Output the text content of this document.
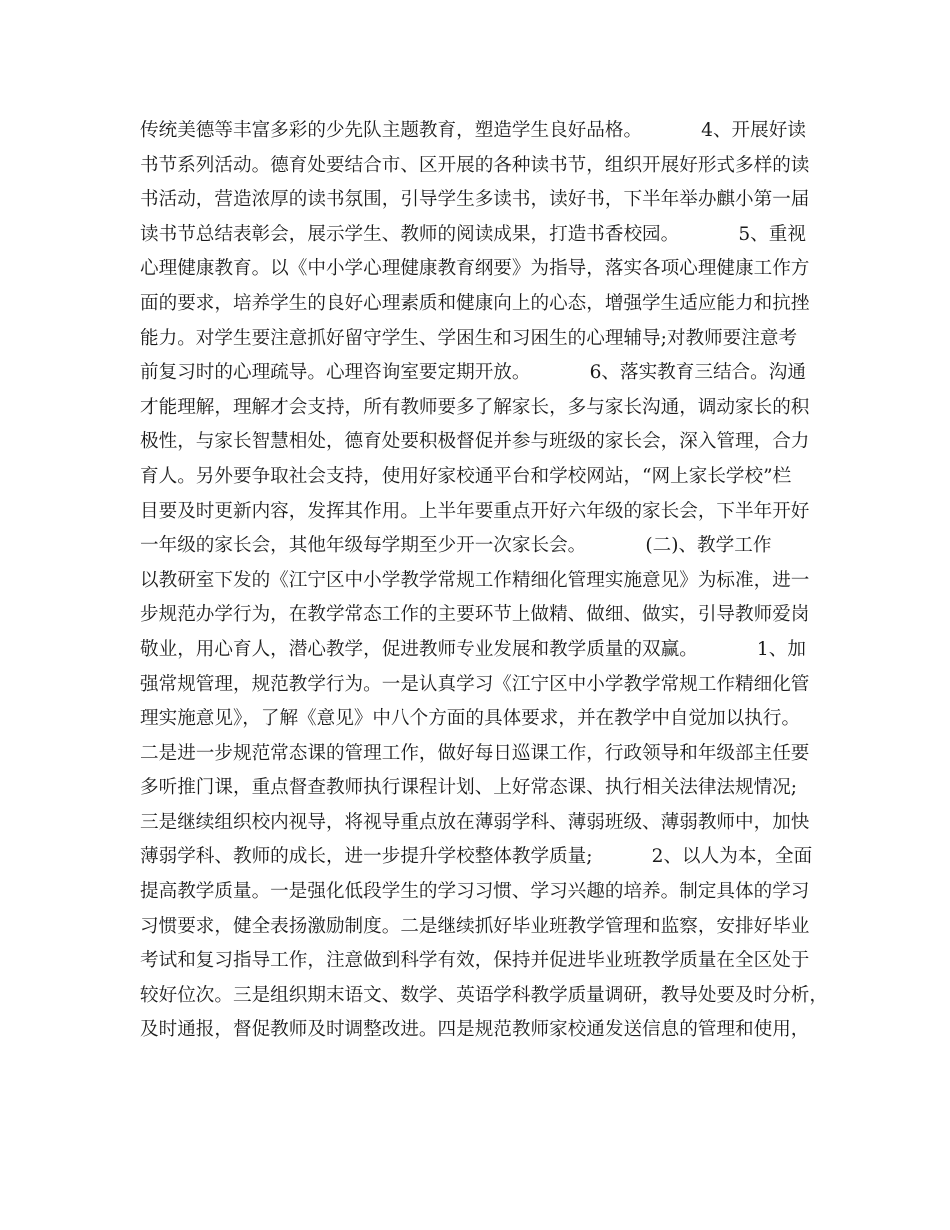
传统美德等丰富多彩的少先队主题教育，塑造学生良好品格。          4、开展好读
书节系列活动。德育处要结合市、区开展的各种读书节，组织开展好形式多样的读
书活动，营造浓厚的读书氛围，引导学生多读书，读好书，下半年举办麒小第一届
读书节总结表彰会，展示学生、教师的阅读成果，打造书香校园。          5、重视
心理健康教育。以《中小学心理健康教育纲要》为指导，落实各项心理健康工作方
面的要求，培养学生的良好心理素质和健康向上的心态，增强学生适应能力和抗挫
能力。对学生要注意抓好留守学生、学困生和习困生的心理辅导;对教师要注意考
前复习时的心理疏导。心理咨询室要定期开放。          6、落实教育三结合。沟通
才能理解，理解才会支持，所有教师要多了解家长，多与家长沟通，调动家长的积
极性，与家长智慧相处，德育处要积极督促并参与班级的家长会，深入管理，合力
育人。另外要争取社会支持，使用好家校通平台和学校网站，“网上家长学校”栏
目要及时更新内容，发挥其作用。上半年要重点开好六年级的家长会，下半年开好
一年级的家长会，其他年级每学期至少开一次家长会。          (二)、教学工作
以教研室下发的《江宁区中小学教学常规工作精细化管理实施意见》为标准，进一
步规范办学行为，在教学常态工作的主要环节上做精、做细、做实，引导教师爱岗
敬业，用心育人，潜心教学，促进教师专业发展和教学质量的双赢。          1、加
强常规管理，规范教学行为。一是认真学习《江宁区中小学教学常规工作精细化管
理实施意见》，了解《意见》中八个方面的具体要求，并在教学中自觉加以执行。
二是进一步规范常态课的管理工作，做好每日巡课工作，行政领导和年级部主任要
多听推门课，重点督查教师执行课程计划、上好常态课、执行相关法律法规情况;
三是继续组织校内视导，将视导重点放在薄弱学科、薄弱班级、薄弱教师中，加快
薄弱学科、教师的成长，进一步提升学校整体教学质量;          2、以人为本，全面
提高教学质量。一是强化低段学生的学习习惯、学习兴趣的培养。制定具体的学习
习惯要求，健全表扬激励制度。二是继续抓好毕业班教学管理和监察，安排好毕业
考试和复习指导工作，注意做到科学有效，保持并促进毕业班教学质量在全区处于
较好位次。三是组织期末语文、数学、英语学科教学质量调研，教导处要及时分析，
及时通报，督促教师及时调整改进。四是规范教师家校通发送信息的管理和使用，
